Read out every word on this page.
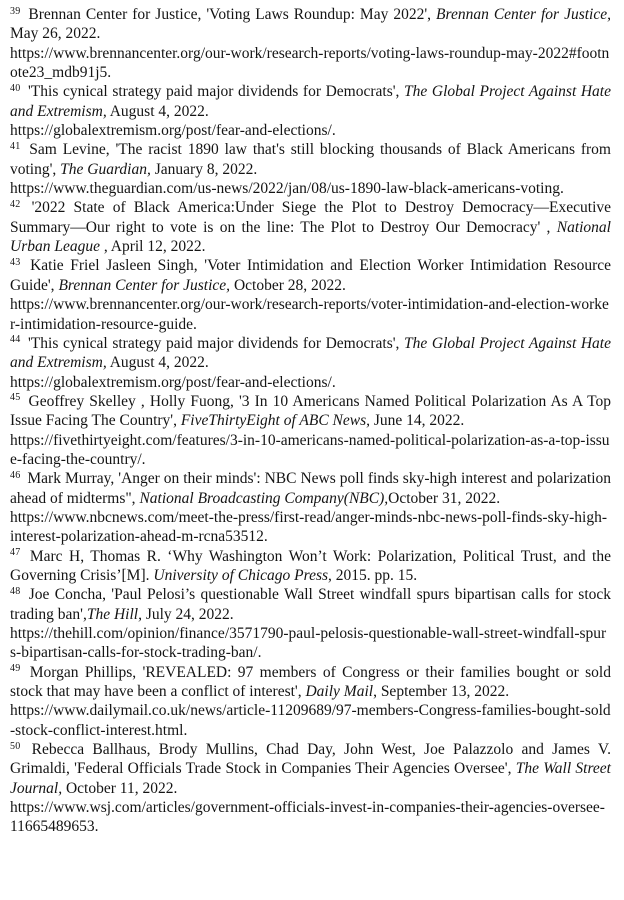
$^{39}$ Brennan Center for Justice, 'Voting Laws Roundup: May 2022', Brennan Center for Justice, May 26, 2022.
https://www.brennancenter.org/our-work/research-reports/voting-laws-roundup-may-2022#footnote23_mdb91j5.

$^{40}$ 'This cynical strategy paid major dividends for Democrats', The Global Project Against Hate and Extremism, August 4, 2022.
https://globalextremism.org/post/fear-and-elections/.

$^{41}$ Sam Levine, 'The racist 1890 law that's still blocking thousands of Black Americans from voting', The Guardian, January 8, 2022.
https://www.theguardian.com/us-news/2022/jan/08/us-1890-law-black-americans-voting.

$^{42}$ '2022 State of Black America:Under Siege the Plot to Destroy Democracy—Executive Summary—Our right to vote is on the line: The Plot to Destroy Our Democracy' , National Urban League , April 12, 2022.

$^{43}$ Katie Friel Jasleen Singh, 'Voter Intimidation and Election Worker Intimidation Resource Guide', Brennan Center for Justice, October 28, 2022.
https://www.brennancenter.org/our-work/research-reports/voter-intimidation-and-election-worker-intimidation-resource-guide.

$^{44}$ 'This cynical strategy paid major dividends for Democrats', The Global Project Against Hate and Extremism, August 4, 2022.
https://globalextremism.org/post/fear-and-elections/.

$^{45}$ Geoffrey Skelley , Holly Fuong, '3 In 10 Americans Named Political Polarization As A Top Issue Facing The Country', FiveThirtyEight of ABC News, June 14, 2022.
https://fivethirtyeight.com/features/3-in-10-americans-named-political-polarization-as-a-top-issue-facing-the-country/.

$^{46}$ Mark Murray, 'Anger on their minds': NBC News poll finds sky-high interest and polarization ahead of midterms", National Broadcasting Company(NBC),October 31, 2022.
https://www.nbcnews.com/meet-the-press/first-read/anger-minds-nbc-news-poll-finds-sky-high-interest-polarization-ahead-m-rcna53512.

$^{47}$ Marc H, Thomas R. ‘Why Washington Won’t Work: Polarization, Political Trust, and the Governing Crisis’[M]. University of Chicago Press, 2015. pp. 15.

$^{48}$ Joe Concha, 'Paul Pelosi’s questionable Wall Street windfall spurs bipartisan calls for stock trading ban',The Hill, July 24, 2022.
https://thehill.com/opinion/finance/3571790-paul-pelosis-questionable-wall-street-windfall-spurs-bipartisan-calls-for-stock-trading-ban/.

$^{49}$ Morgan Phillips, 'REVEALED: 97 members of Congress or their families bought or sold stock that may have been a conflict of interest', Daily Mail, September 13, 2022.
https://www.dailymail.co.uk/news/article-11209689/97-members-Congress-families-bought-sold-stock-conflict-interest.html.

$^{50}$ Rebecca Ballhaus, Brody Mullins, Chad Day, John West, Joe Palazzolo and James V. Grimaldi, 'Federal Officials Trade Stock in Companies Their Agencies Oversee', The Wall Street Journal, October 11, 2022.
https://www.wsj.com/articles/government-officials-invest-in-companies-their-agencies-oversee-11665489653.
